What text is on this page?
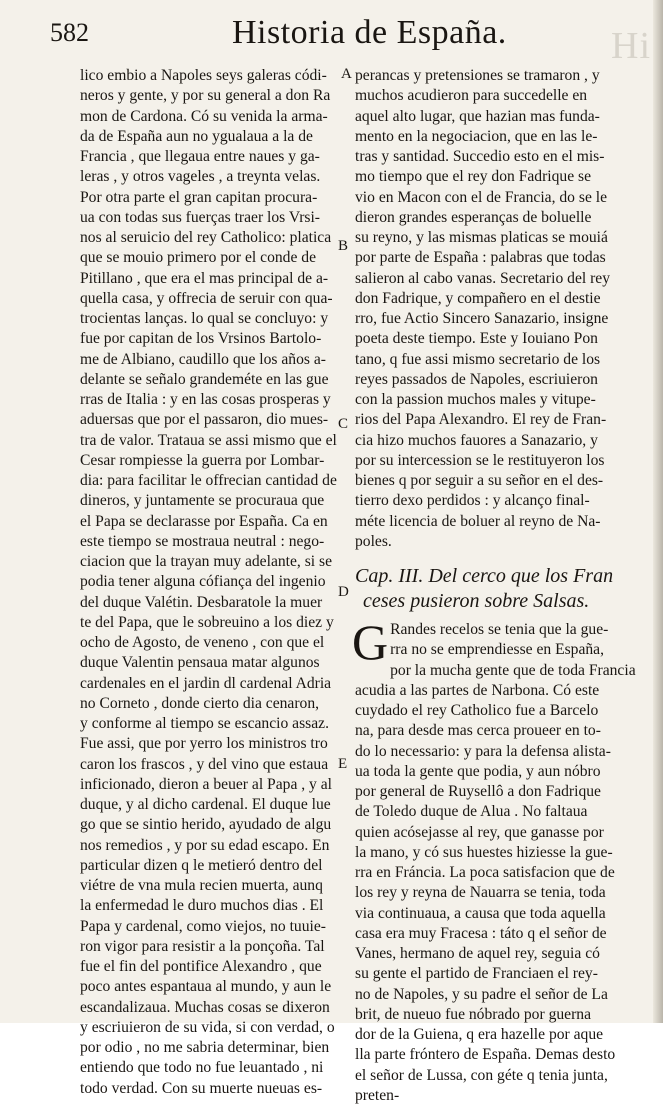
Hi
582	Historia de España.
lico embio a Napoles seys galeras códi-
neros y gente, y por su general a don Ra
mon de Cardona. Có su venida la arma-
da de España aun no ygualaua a la de
Francia , que llegaua entre naues y ga-
leras , y otros vageles , a treynta velas.
Por otra parte el gran capitan procura-
ua con todas sus fuerças traer los Vrsi-
nos al seruicio del rey Catholico: platica
que se mouio primero por el conde de
Pitillano , que era el mas principal de a-
quella casa, y offrecia de seruir con qua-
trocientas lanças. lo qual se concluyo: y
fue por capitan de los Vrsinos Bartolo-
me de Albiano, caudillo que los años a-
delante se señalo grandeméte en las gue
rras de Italia : y en las cosas prosperas y
aduersas que por el passaron, dio mues-
tra de valor. Trataua se assi mismo que el
Cesar rompiesse la guerra por Lombar-
dia: para facilitar le offrecian cantidad de
dineros, y juntamente se procuraua que
el Papa se declarasse por España. Ca en
este tiempo se mostraua neutral : nego-
ciacion que la trayan muy adelante, si se
podia tener alguna cófiança del ingenio
del duque Valétin. Desbaratole la muer
te del Papa, que le sobreuino a los diez y
ocho de Agosto, de veneno , con que el
duque Valentin pensaua matar algunos
cardenales en el jardin dl cardenal Adria
no Corneto , donde cierto dia cenaron,
y conforme al tiempo se escancio assaz.
Fue assi, que por yerro los ministros tro
caron los frascos , y del vino que estaua
inficionado, dieron a beuer al Papa , y al
duque, y al dicho cardenal. El duque lue
go que se sintio herido, ayudado de algu
nos remedios , y por su edad escapo. En
particular dizen q le metieró dentro del
viétre de vna mula recien muerta, aunq
la enfermedad le duro muchos dias . El
Papa y cardenal, como viejos, no tuuie-
ron vigor para resistir a la ponçoña. Tal
fue el fin del pontifice Alexandro , que
poco antes espantaua al mundo, y aun le
escandalizaua. Muchas cosas se dixeron
y escriuieron de su vida, si con verdad, o
por odio , no me sabria determinar, bien
entiendo que todo no fue leuantado , ni
todo verdad. Con su muerte nueuas es-
A
B
C
D
E
perancas y pretensiones se tramaron , y
muchos acudieron para succedelle en
aquel alto lugar, que hazian mas funda-
mento en la negociacion, que en las le-
tras y santidad. Succedio esto en el mis-
mo tiempo que el rey don Fadrique se
vio en Macon con el de Francia, do se le
dieron grandes esperanças de boluelle
su reyno, y las mismas platicas se mouiá
por parte de España : palabras que todas
salieron al cabo vanas. Secretario del rey
don Fadrique, y compañero en el destie
rro, fue Actio Sincero Sanazario, insigne
poeta deste tiempo. Este y Iouiano Pon
tano, q fue assi mismo secretario de los
reyes passados de Napoles, escriuieron
con la passion muchos males y vitupe-
rios del Papa Alexandro. El rey de Fran-
cia hizo muchos fauores a Sanazario, y
por su intercession se le restituyeron los
bienes q por seguir a su señor en el des-
tierro dexo perdidos : y alcanço final-
méte licencia de boluer al reyno de Na-
poles.
Cap. III. Del cerco que los Fran
ceses pusieron sobre Salsas.
G Randes recelos se tenia que la gue-
rra no se emprendiesse en España,
por la mucha gente que de toda Francia
acudia a las partes de Narbona. Có este
cuydado el rey Catholico fue a Barcelo
na, para desde mas cerca proueer en to-
do lo necessario: y para la defensa alista-
ua toda la gente que podia, y aun nóbro
por general de Ruysellô a don Fadrique
de Toledo duque de Alua . No faltaua
quien acósejasse al rey, que ganasse por
la mano, y có sus huestes hiziesse la gue-
rra en Fráncia. La poca satisfacion que de
los rey y reyna de Nauarra se tenia, toda
via continuaua, a causa que toda aquella
casa era muy Fracesa : táto q el señor de
Vanes, hermano de aquel rey, seguia có
su gente el partido de Franciaen el rey-
no de Napoles, y su padre el señor de La
brit, de nueuo fue nóbrado por guerna
dor de la Guiena, q era hazelle por aque
lla parte fróntero de España. Demas desto
el señor de Lussa, con géte q tenia junta,
preten-
